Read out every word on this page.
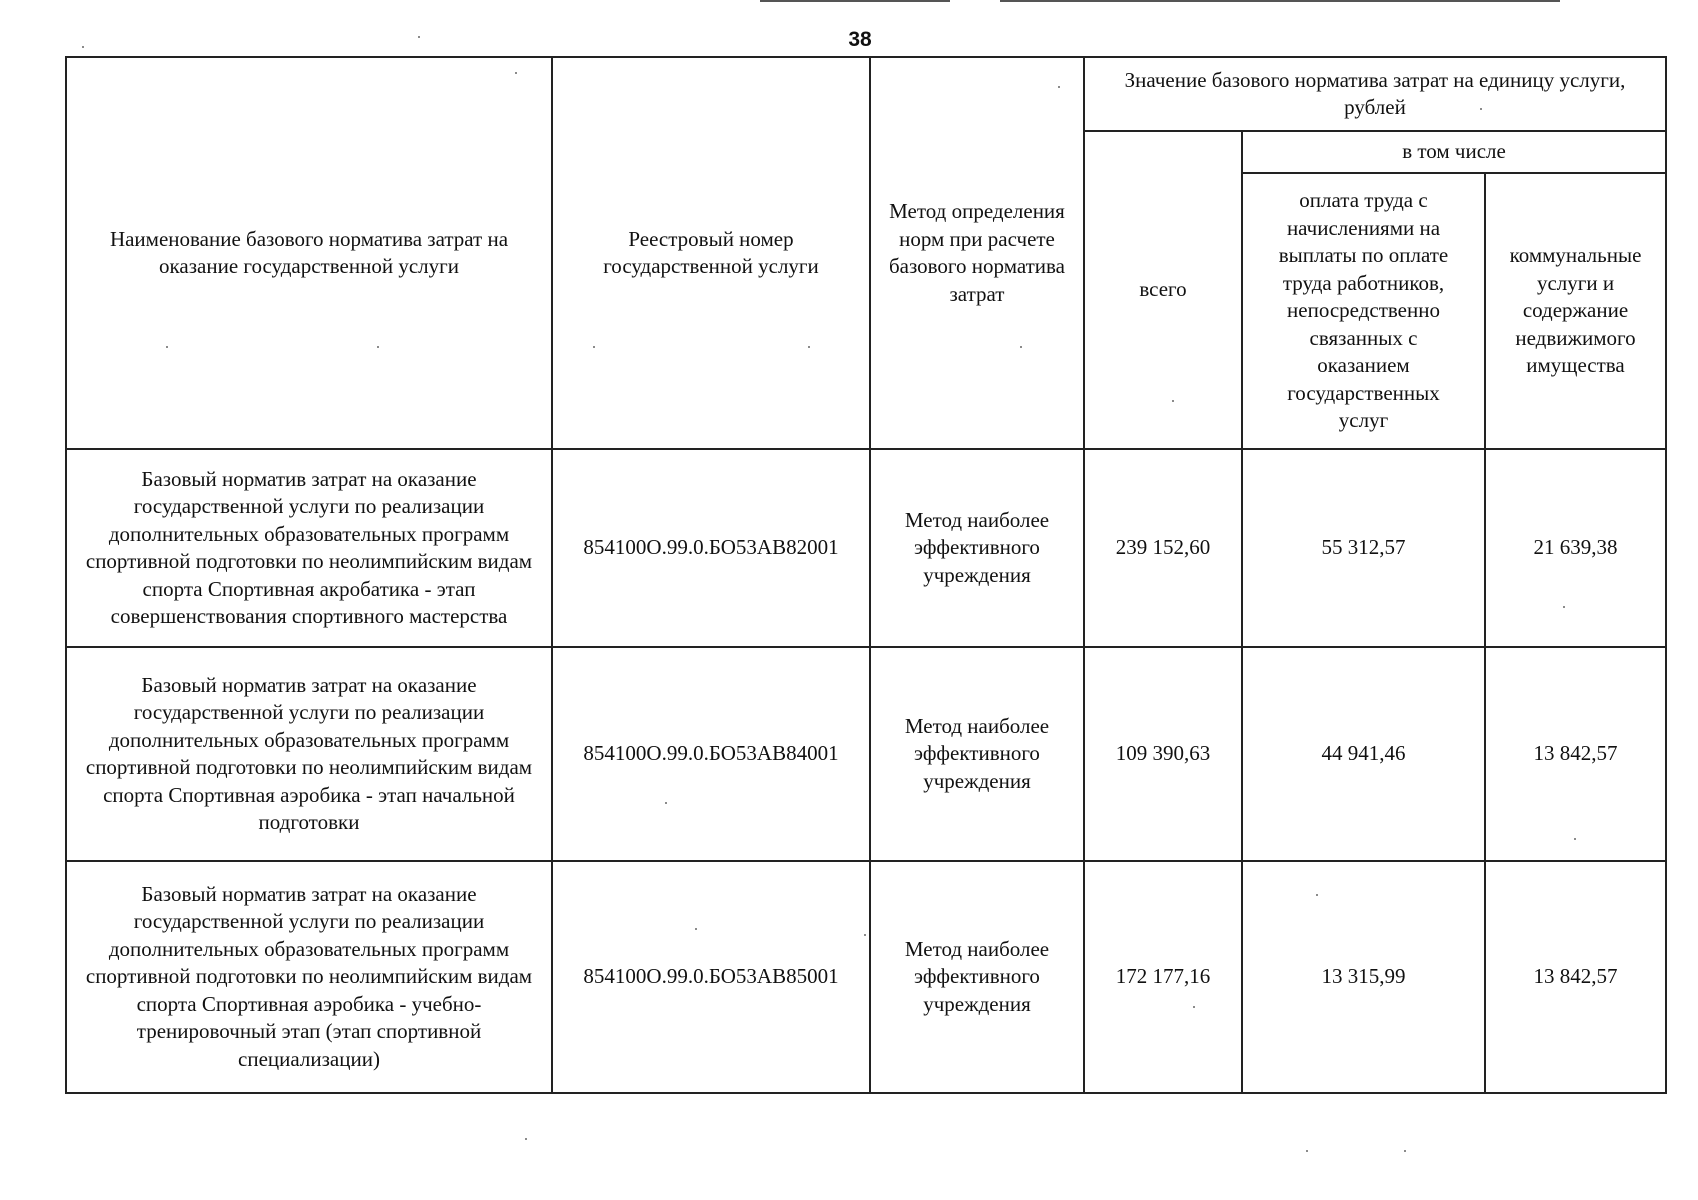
38
Наименование базового норматива затрат на оказание государственной услуги	Реестровый номер государственной услуги	Метод определения норм при расчете базового норматива затрат	Значение базового норматива затрат на единицу услуги, рублей		
			всего	в том числе	
				оплата труда с начислениями на выплаты по оплате труда работников, непосредственно связанных с оказанием государственных услуг	коммунальные услуги и содержание недвижимого имущества
Базовый норматив затрат на оказание государственной услуги по реализации дополнительных образовательных программ спортивной подготовки по неолимпийским видам спорта Спортивная акробатика - этап совершенствования спортивного мастерства	854100О.99.0.БО53АВ82001	Метод наиболее эффективного учреждения	239 152,60	55 312,57	21 639,38
Базовый норматив затрат на оказание государственной услуги по реализации дополнительных образовательных программ спортивной подготовки по неолимпийским видам спорта Спортивная аэробика - этап начальной подготовки	854100О.99.0.БО53АВ84001	Метод наиболее эффективного учреждения	109 390,63	44 941,46	13 842,57
Базовый норматив затрат на оказание государственной услуги по реализации дополнительных образовательных программ спортивной подготовки по неолимпийским видам спорта Спортивная аэробика - учебно-тренировочный этап (этап спортивной специализации)	854100О.99.0.БО53АВ85001	Метод наиболее эффективного учреждения	172 177,16	13 315,99	13 842,57
